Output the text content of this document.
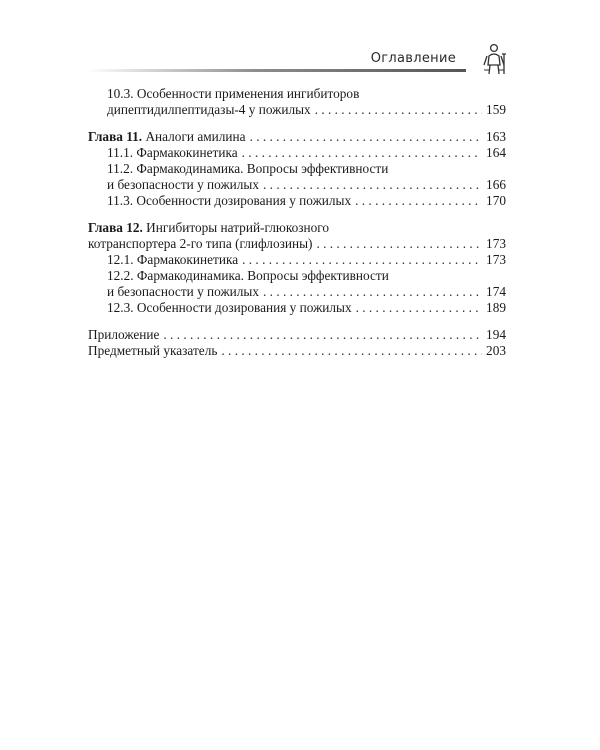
Оглавление
10.3. Особенности применения ингибиторов
дипептидилпептидазы-4 у пожилых . . .	159
Глава 11. Аналоги амилина . . .	163
11.1. Фармакокинетика . . .	164
11.2. Фармакодинамика. Вопросы эффективности
и безопасности у пожилых . . .	166
11.3. Особенности дозирования у пожилых . . .	170
Глава 12. Ингибиторы натрий-глюкозного
котранспортера 2-го типа (глифлозины) . . .	173
12.1. Фармакокинетика . . .	173
12.2. Фармакодинамика. Вопросы эффективности
и безопасности у пожилых . . .	174
12.3. Особенности дозирования у пожилых . . .	189
Приложение . . .	194
Предметный указатель . . .	203
